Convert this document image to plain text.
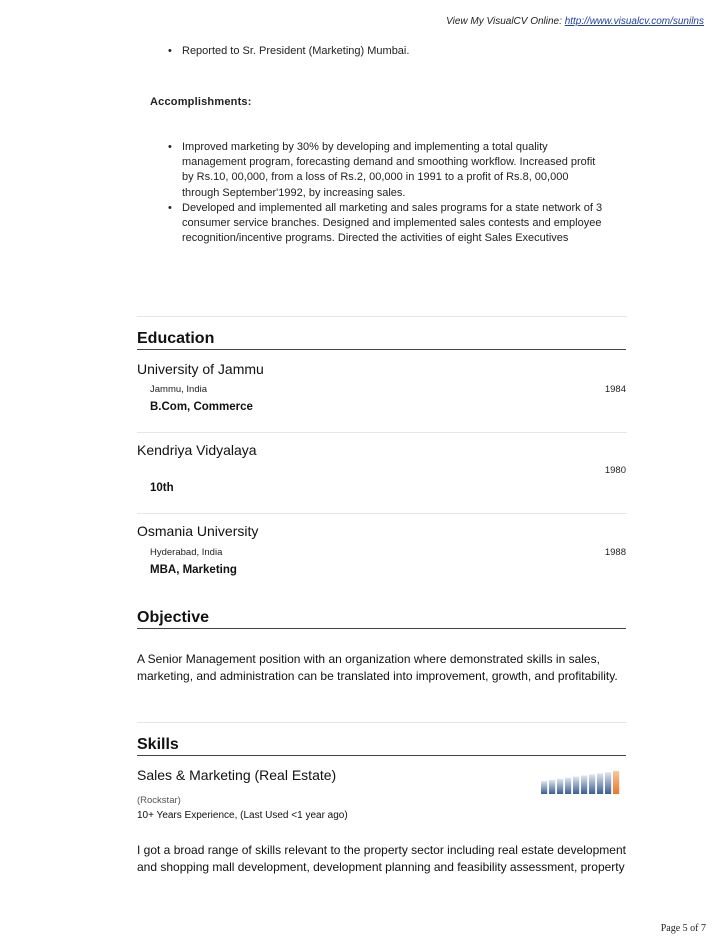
View My VisualCV Online: http://www.visualcv.com/sunilns
• Reported to Sr. President (Marketing) Mumbai.
Accomplishments:
• Improved marketing by 30% by developing and implementing a total quality management program, forecasting demand and smoothing workflow. Increased profit by Rs.10, 00,000, from a loss of Rs.2, 00,000 in 1991 to a profit of Rs.8, 00,000 through September'1992, by increasing sales.
• Developed and implemented all marketing and sales programs for a state network of 3 consumer service branches. Designed and implemented sales contests and employee recognition/incentive programs. Directed the activities of eight Sales Executives
Education
University of Jammu
Jammu, India	1984
B.Com, Commerce
Kendriya Vidyalaya
1980
10th
Osmania University
Hyderabad, India	1988
MBA, Marketing
Objective
A Senior Management position with an organization where demonstrated skills in sales, marketing, and administration can be translated into improvement, growth, and profitability.
Skills
Sales & Marketing (Real Estate)
(Rockstar)
10+ Years Experience, (Last Used <1 year ago)
I got a broad range of skills relevant to the property sector including real estate development and shopping mall development, development planning and feasibility assessment, property
Page 5 of 7
